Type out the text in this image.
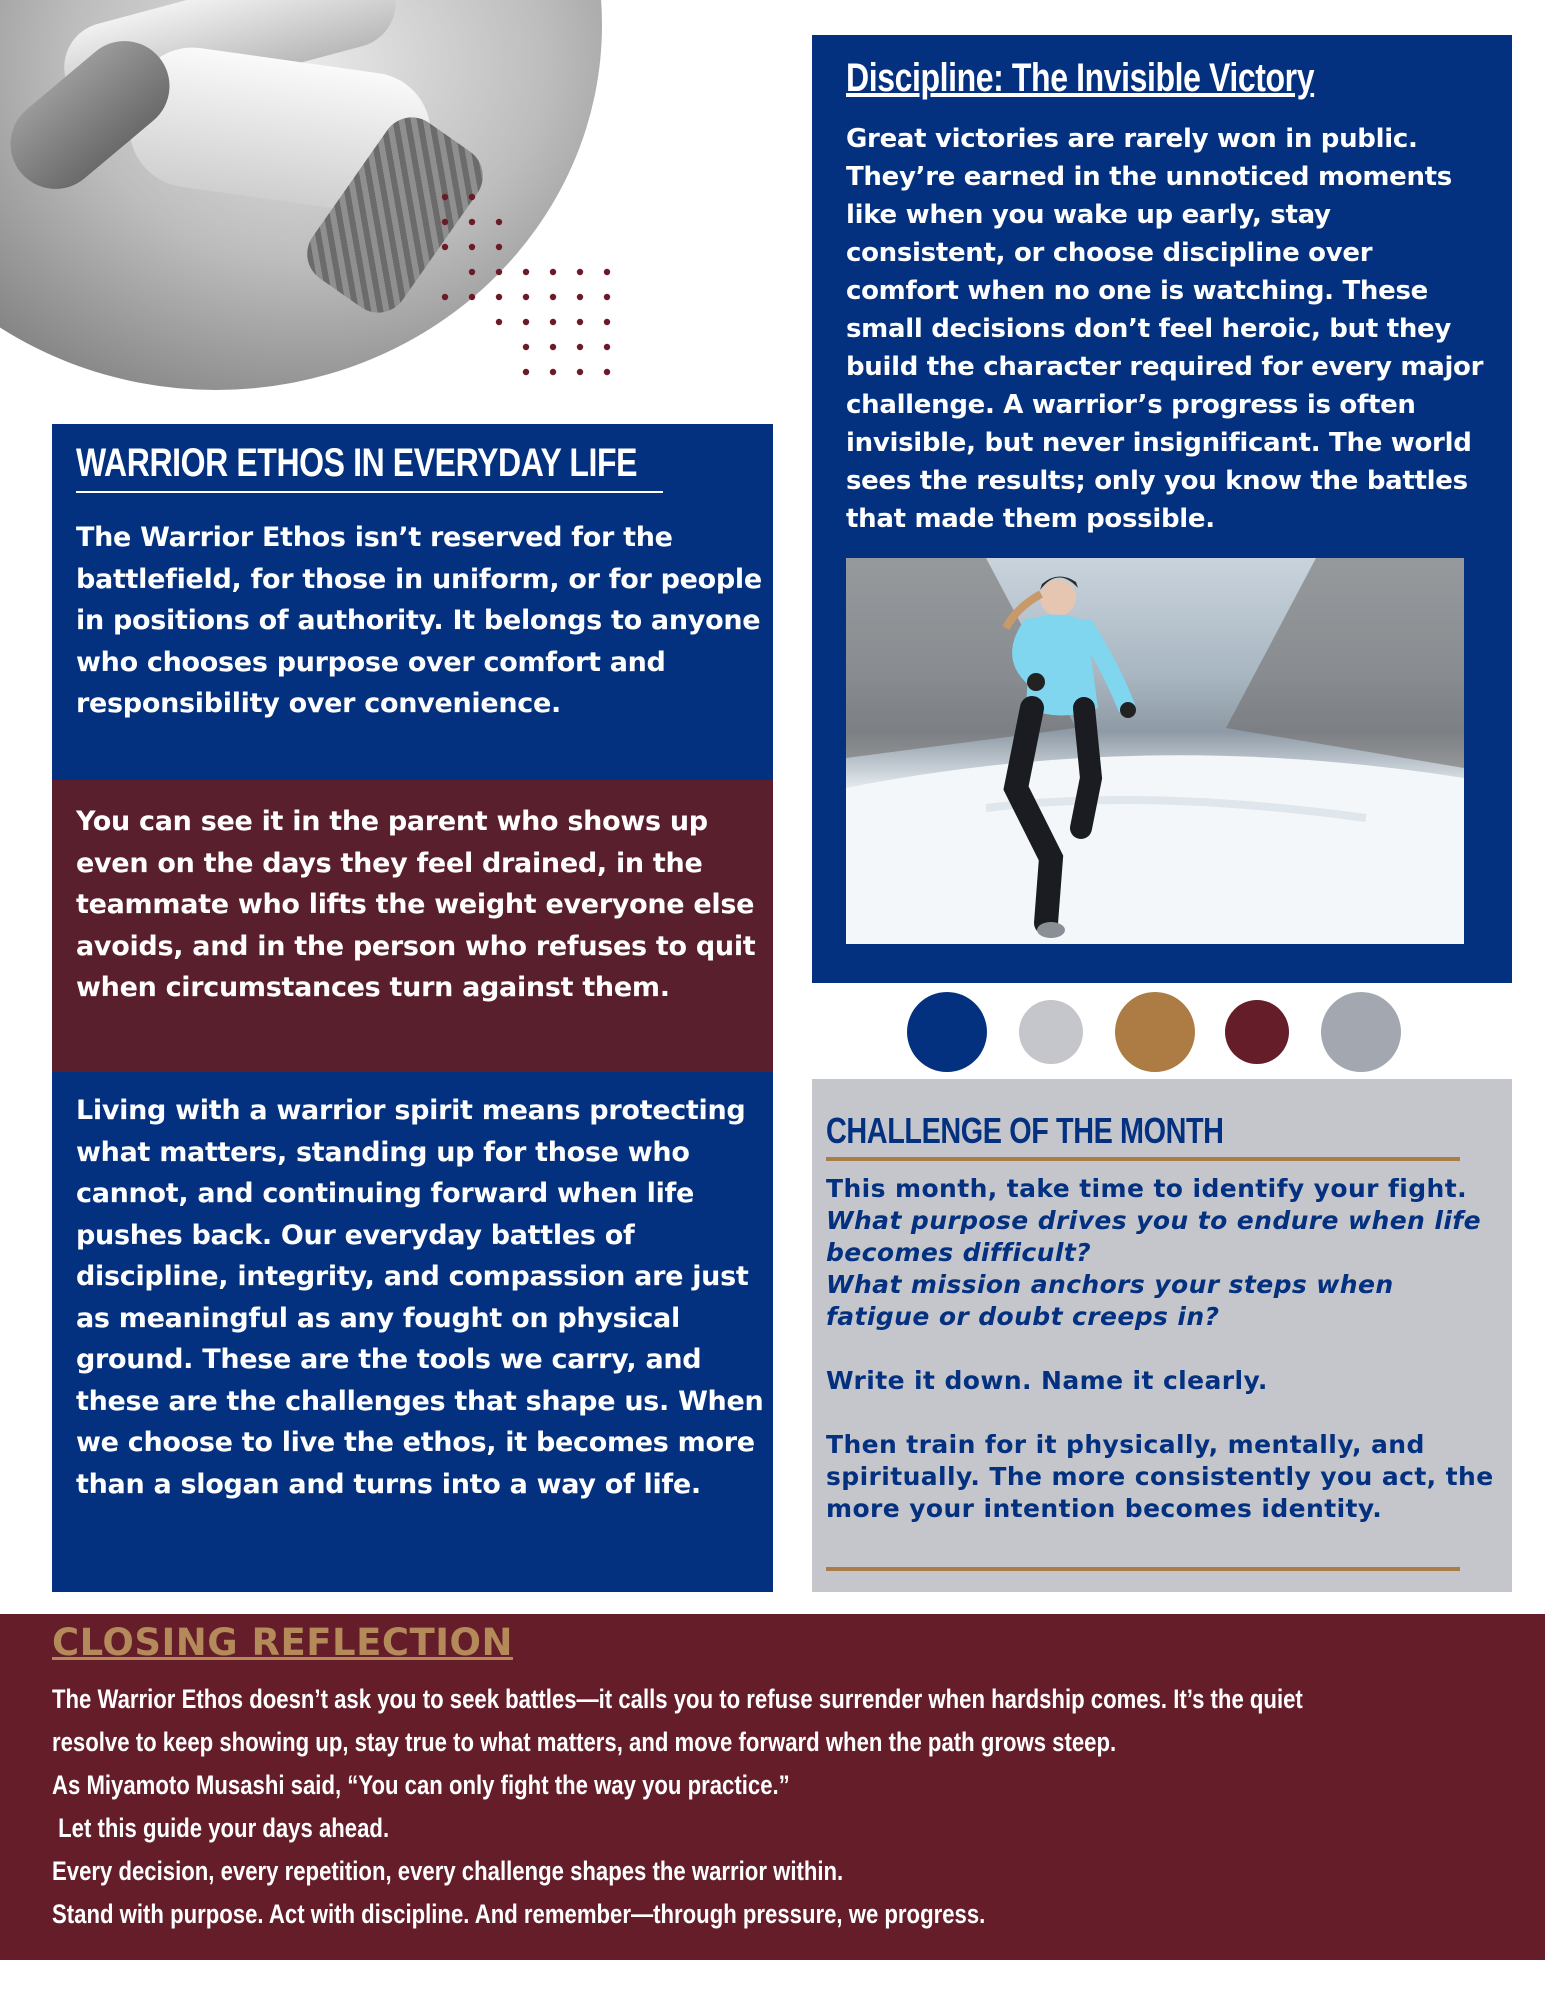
WARRIOR ETHOS IN EVERYDAY LIFE
The Warrior Ethos isn’t reserved for the battlefield, for those in uniform, or for people in positions of authority. It belongs to anyone who chooses purpose over comfort and responsibility over convenience.
You can see it in the parent who shows up even on the days they feel drained, in the teammate who lifts the weight everyone else avoids, and in the person who refuses to quit when circumstances turn against them.
Living with a warrior spirit means protecting what matters, standing up for those who cannot, and continuing forward when life pushes back. Our everyday battles of discipline, integrity, and compassion are just as meaningful as any fought on physical ground. These are the tools we carry, and these are the challenges that shape us. When we choose to live the ethos, it becomes more than a slogan and turns into a way of life.
Discipline: The Invisible Victory
Great victories are rarely won in public. They’re earned in the unnoticed moments like when you wake up early, stay consistent, or choose discipline over comfort when no one is watching. These small decisions don’t feel heroic, but they build the character required for every major challenge. A warrior’s progress is often invisible, but never insignificant. The world sees the results; only you know the battles that made them possible.
CHALLENGE OF THE MONTH

This month, take time to identify your fight.

What purpose drives you to endure when life becomes difficult?

What mission anchors your steps when fatigue or doubt creeps in?

Write it down. Name it clearly.

Then train for it physically, mentally, and spiritually. The more consistently you act, the more your intention becomes identity.

CLOSING REFLECTION

The Warrior Ethos doesn’t ask you to seek battles—it calls you to refuse surrender when hardship comes. It’s the quiet

resolve to keep showing up, stay true to what matters, and move forward when the path grows steep.

As Miyamoto Musashi said, “You can only fight the way you practice.”

Let this guide your days ahead.

Every decision, every repetition, every challenge shapes the warrior within.

Stand with purpose. Act with discipline. And remember—through pressure, we progress.
